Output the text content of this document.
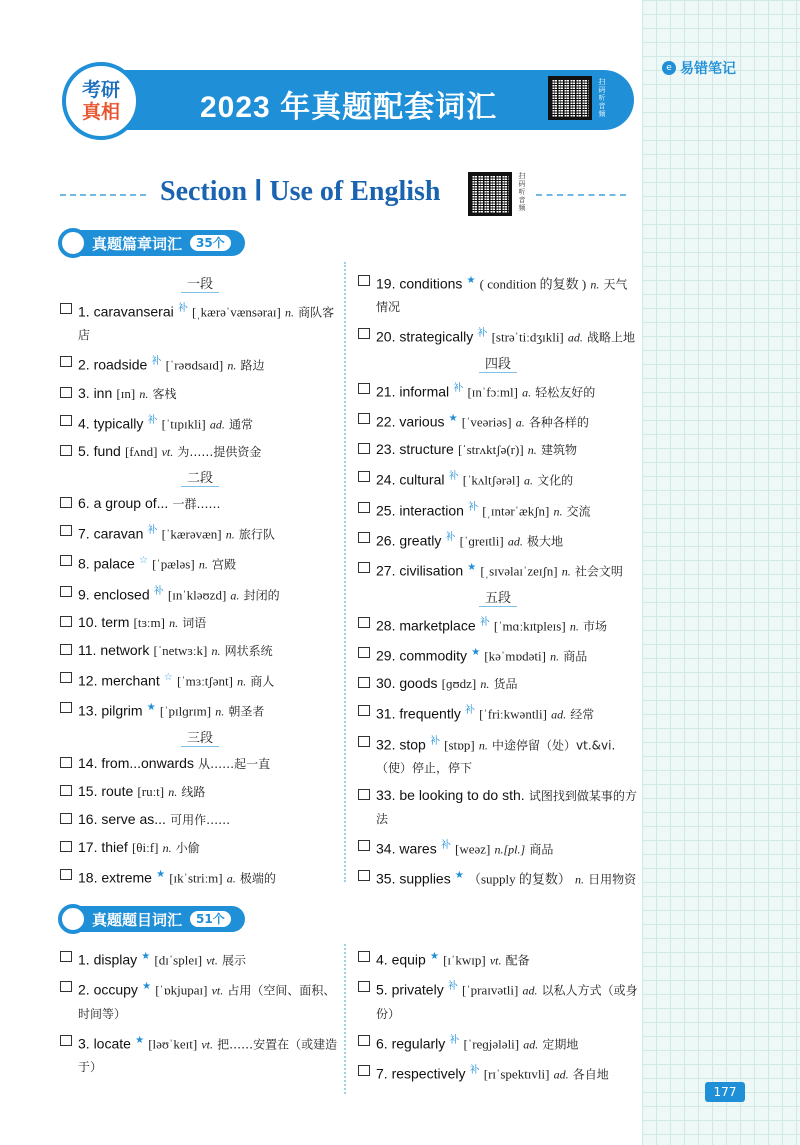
考研
真相	2023 年真题配套词汇	扫码听音频
e 易错笔记
Section Ⅰ Use of English	扫码听音频
真题篇章词汇	35个
一段
1. caravanserai $^补$ [ˌkærəˈvænsəraɪ] n. 商队客店
2. roadside $^补$ [ˈrəʊdsaɪd] n. 路边
3. inn [ɪn] n. 客栈
4. typically $^补$ [ˈtɪpɪkli] ad. 通常
5. fund [fʌnd] vt. 为……提供资金
二段
6. a group of... 一群……
7. caravan $^补$ [ˈkærəvæn] n. 旅行队
8. palace ☆ [ˈpæləs] n. 宫殿
9. enclosed $^补$ [ɪnˈkləʊzd] a. 封闭的
10. term [tɜːm] n. 词语
11. network [ˈnetwɜːk] n. 网状系统
12. merchant ☆ [ˈmɜːtʃənt] n. 商人
13. pilgrim ★ [ˈpɪlɡrɪm] n. 朝圣者
三段
14. from...onwards 从……起一直
15. route [ruːt] n. 线路
16. serve as... 可用作……
17. thief [θiːf] n. 小偷
18. extreme ★ [ɪkˈstriːm] a. 极端的
19. conditions ★ ( condition 的复数 ) n. 天气情况
20. strategically $^补$ [strəˈtiːdʒɪkli] ad. 战略上地
四段
21. informal $^补$ [ɪnˈfɔːml] a. 轻松友好的
22. various ★ [ˈveəriəs] a. 各种各样的
23. structure [ˈstrʌktʃə(r)] n. 建筑物
24. cultural $^补$ [ˈkʌltʃərəl] a. 文化的
25. interaction $^补$ [ˌɪntərˈækʃn] n. 交流
26. greatly $^补$ [ˈɡreɪtli] ad. 极大地
27. civilisation ★ [ˌsɪvəlaɪˈzeɪʃn] n. 社会文明
五段
28. marketplace $^补$ [ˈmɑːkɪtpleɪs] n. 市场
29. commodity ★ [kəˈmɒdəti] n. 商品
30. goods [ɡʊdz] n. 货品
31. frequently $^补$ [ˈfriːkwəntli] ad. 经常
32. stop $^补$ [stɒp] n. 中途停留（处）vt.&vi.（使）停止，停下
33. be looking to do sth. 试图找到做某事的方法
34. wares $^补$ [weəz] n.[pl.] 商品
35. supplies ★ （supply 的复数） n. 日用物资
真题题目词汇	51个
1. display ★ [dɪˈspleɪ] vt. 展示
2. occupy ★ [ˈɒkjupaɪ] vt. 占用（空间、面积、时间等）
3. locate ★ [ləʊˈkeɪt] vt. 把……安置在（或建造于）
4. equip ★ [ɪˈkwɪp] vt. 配备
5. privately $^补$ [ˈpraɪvətli] ad. 以私人方式（或身份）
6. regularly $^补$ [ˈreɡjələli] ad. 定期地
7. respectively $^补$ [rɪˈspektɪvli] ad. 各自地
177
